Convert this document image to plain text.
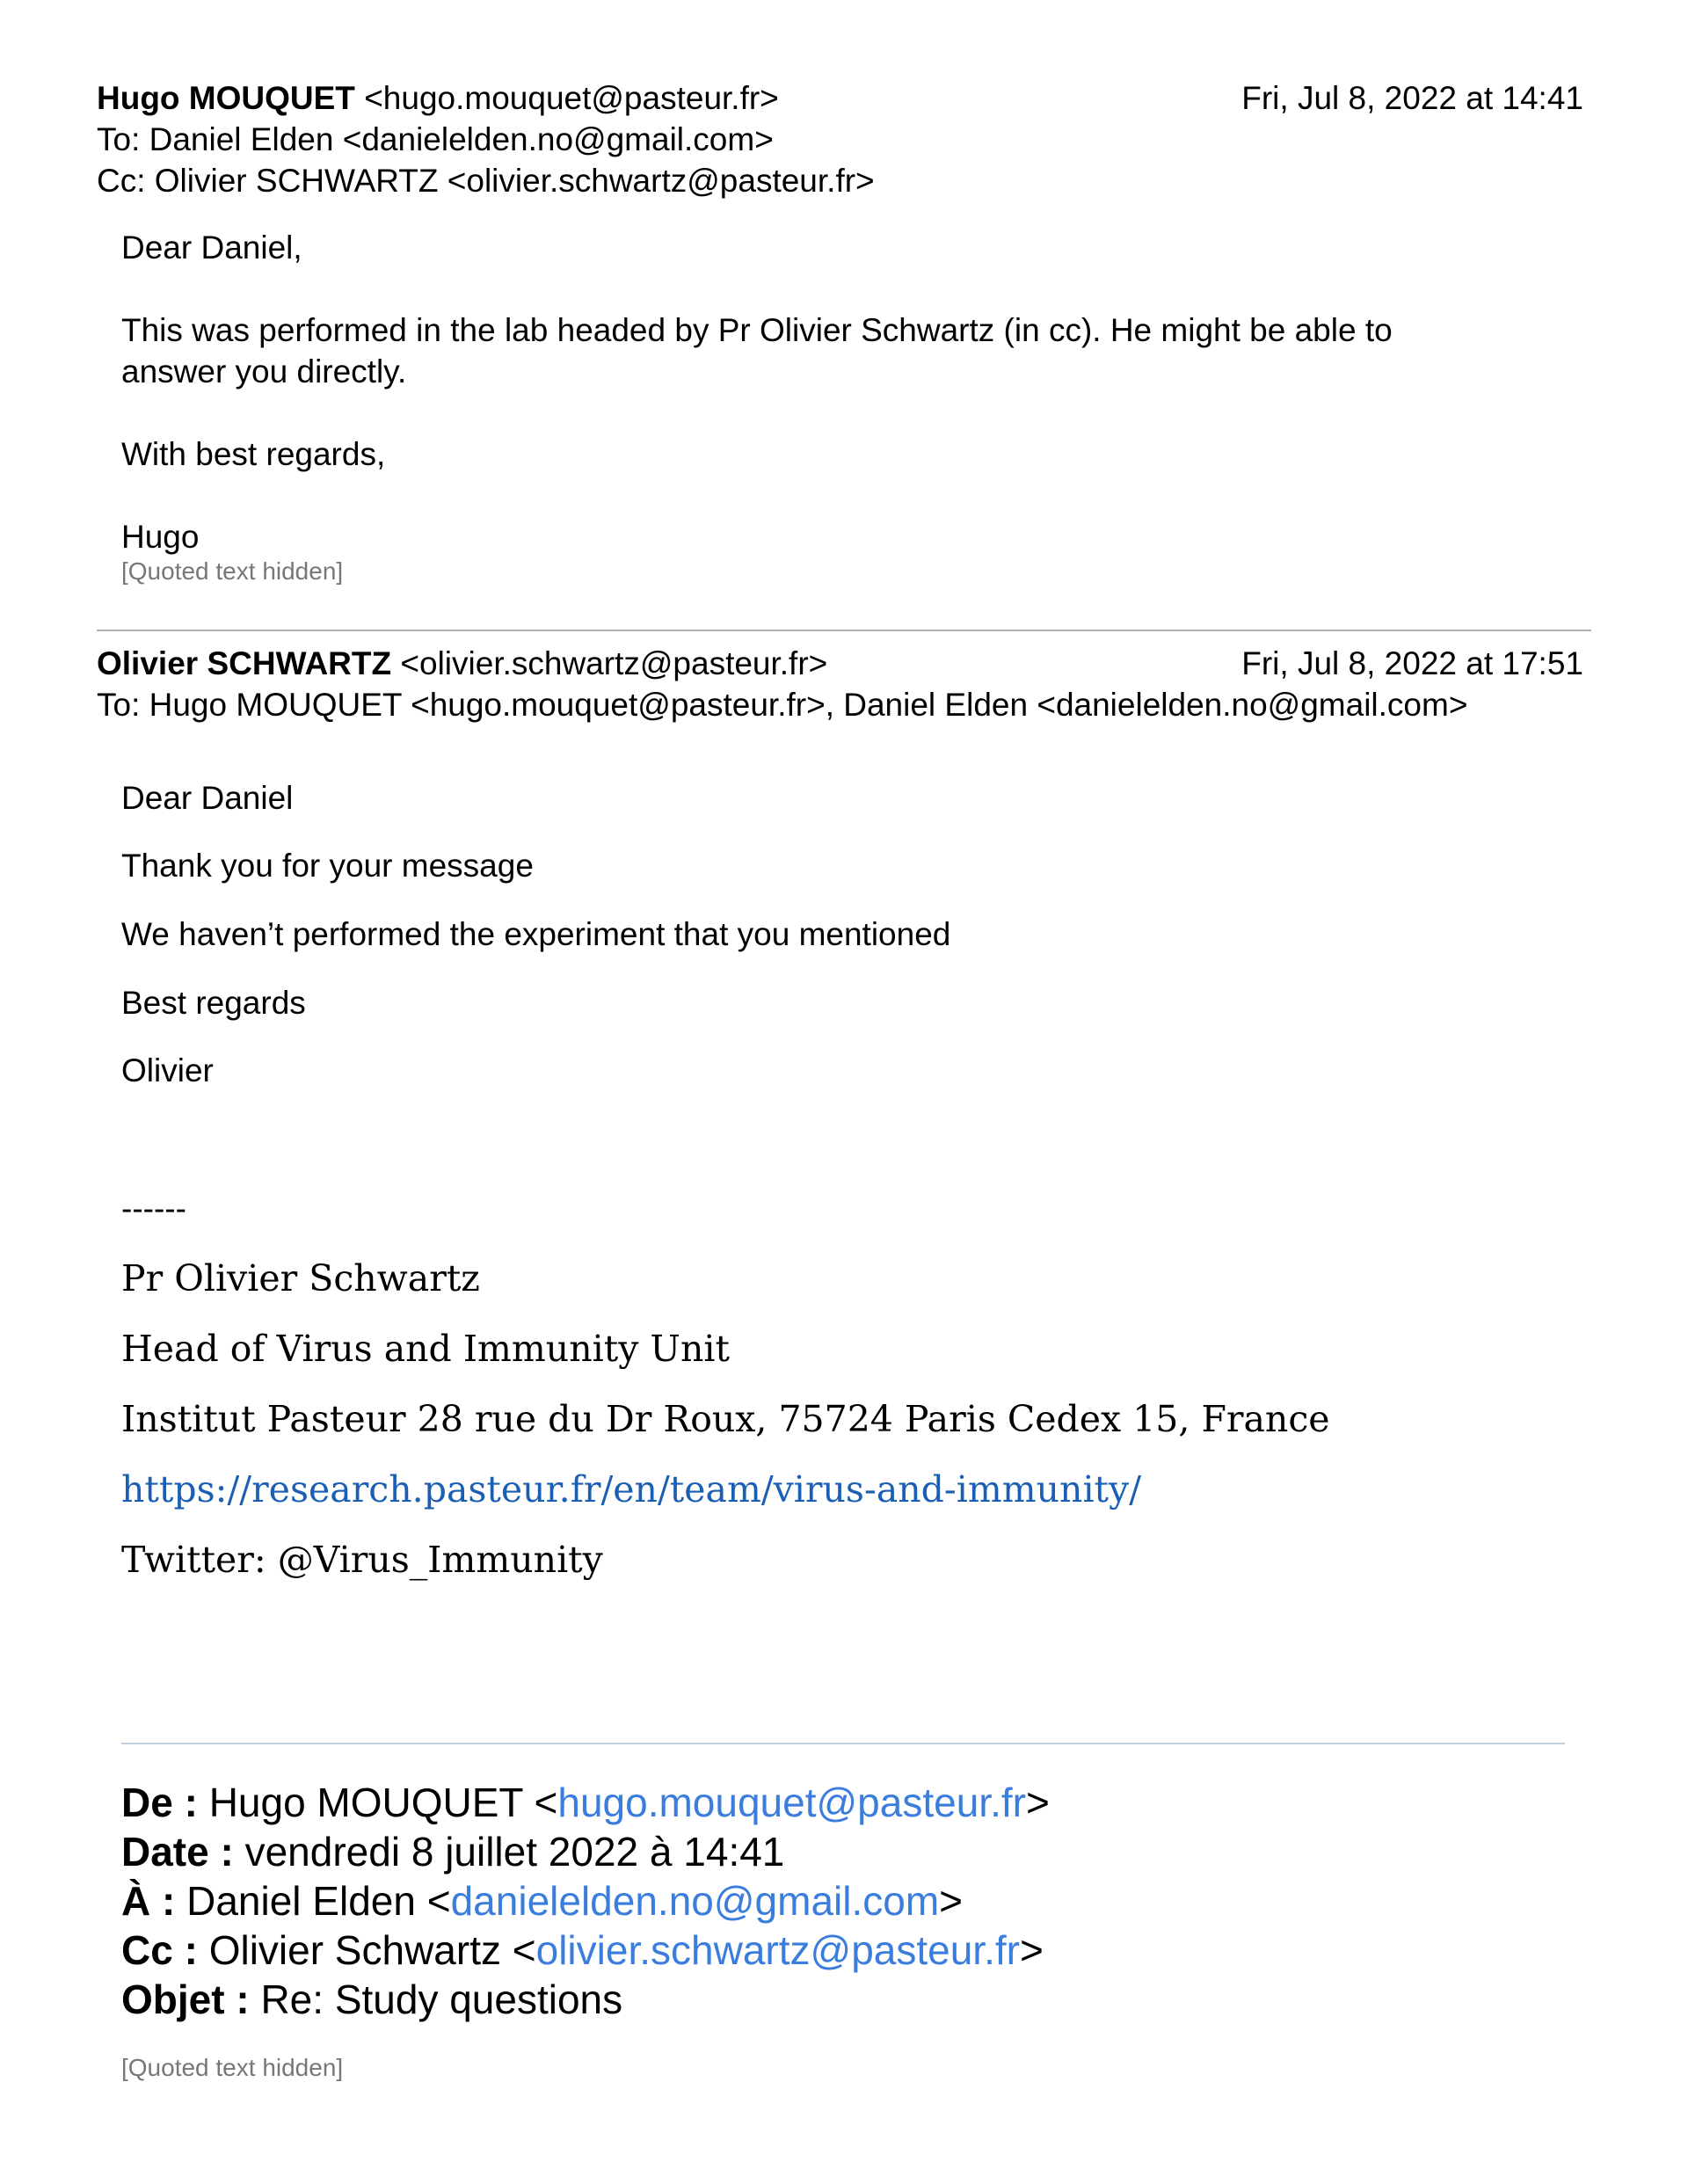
Hugo MOUQUET <hugo.mouquet@pasteur.fr>	Fri, Jul 8, 2022 at 14:41
To: Daniel Elden <danielelden.no@gmail.com>
Cc: Olivier SCHWARTZ <olivier.schwartz@pasteur.fr>
Dear Daniel,
This was performed in the lab headed by Pr Olivier Schwartz (in cc). He might be able to
answer you directly.
With best regards,
Hugo
[Quoted text hidden]
Olivier SCHWARTZ <olivier.schwartz@pasteur.fr>	Fri, Jul 8, 2022 at 17:51
To: Hugo MOUQUET <hugo.mouquet@pasteur.fr>, Daniel Elden <danielelden.no@gmail.com>
Dear Daniel
Thank you for your message
We haven’t performed the experiment that you mentioned
Best regards
Olivier
------
Pr Olivier Schwartz
Head of Virus and Immunity Unit
Institut Pasteur 28 rue du Dr Roux, 75724 Paris Cedex 15, France
https://research.pasteur.fr/en/team/virus-and-immunity/
Twitter: @Virus_Immunity
De : Hugo MOUQUET <hugo.mouquet@pasteur.fr>
Date : vendredi 8 juillet 2022 à 14:41
À : Daniel Elden <danielelden.no@gmail.com>
Cc : Olivier Schwartz <olivier.schwartz@pasteur.fr>
Objet : Re: Study questions
[Quoted text hidden]
